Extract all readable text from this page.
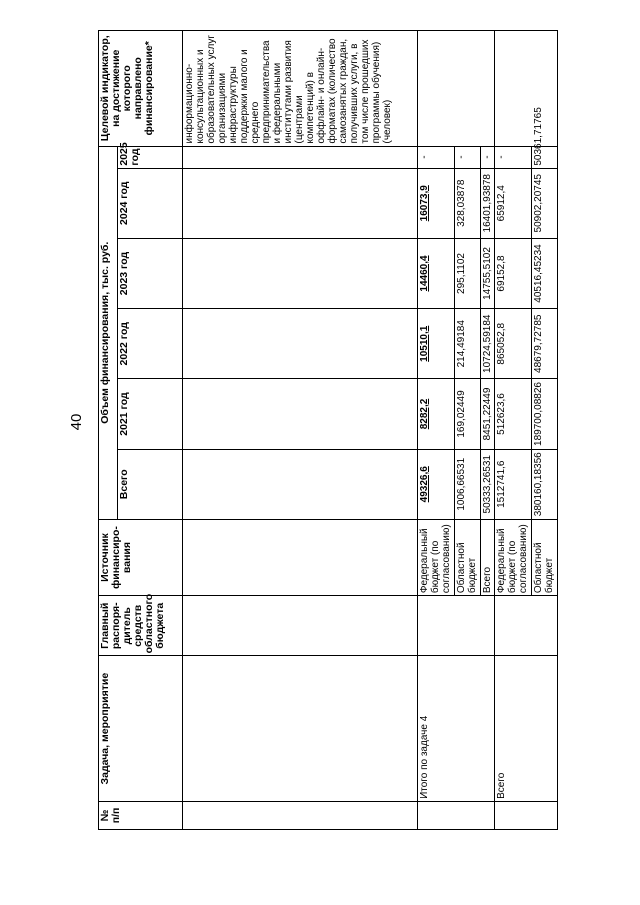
40
№ п/п	Задача, мероприятие	Главный распоря-дитель средств областного бюджета	Источник финансиро-вания	Объем финансирования, тыс. руб.						Целевой индикатор, на достижение которого направлено финансирование*
				Всего	2021 год	2022 год	2023 год	2024 год	2025 год	
										информационно-консультационных и образовательных услуг организациями инфраструктуры поддержки малого и среднего предпринимательства и федеральными институтами развития (центрами компетенций) в оффлайн- и онлайн-форматах (количество самозанятых граждан, получивших услуги, в том числе прошедших программы обучения) (человек)
	Итого по задаче 4		Федеральный бюджет (по согласованию)	49326,6	8282,2	10510,1	14460,4	16073,9	-	
			Областной бюджет	1006,66531	169,02449	214,49184	295,1102	328,03878	-	
			Всего	50333,26531	8451,22449	10724,59184	14755,5102	16401,93878	-	
	Всего		Федеральный бюджет (по согласованию)	1512741,6	512623,6	865052,8	69152,8	65912,4	-	
			Областной бюджет	380160,18356	189700,08826	48679,72785	40516,45234	50902,20745	50361,71765	
